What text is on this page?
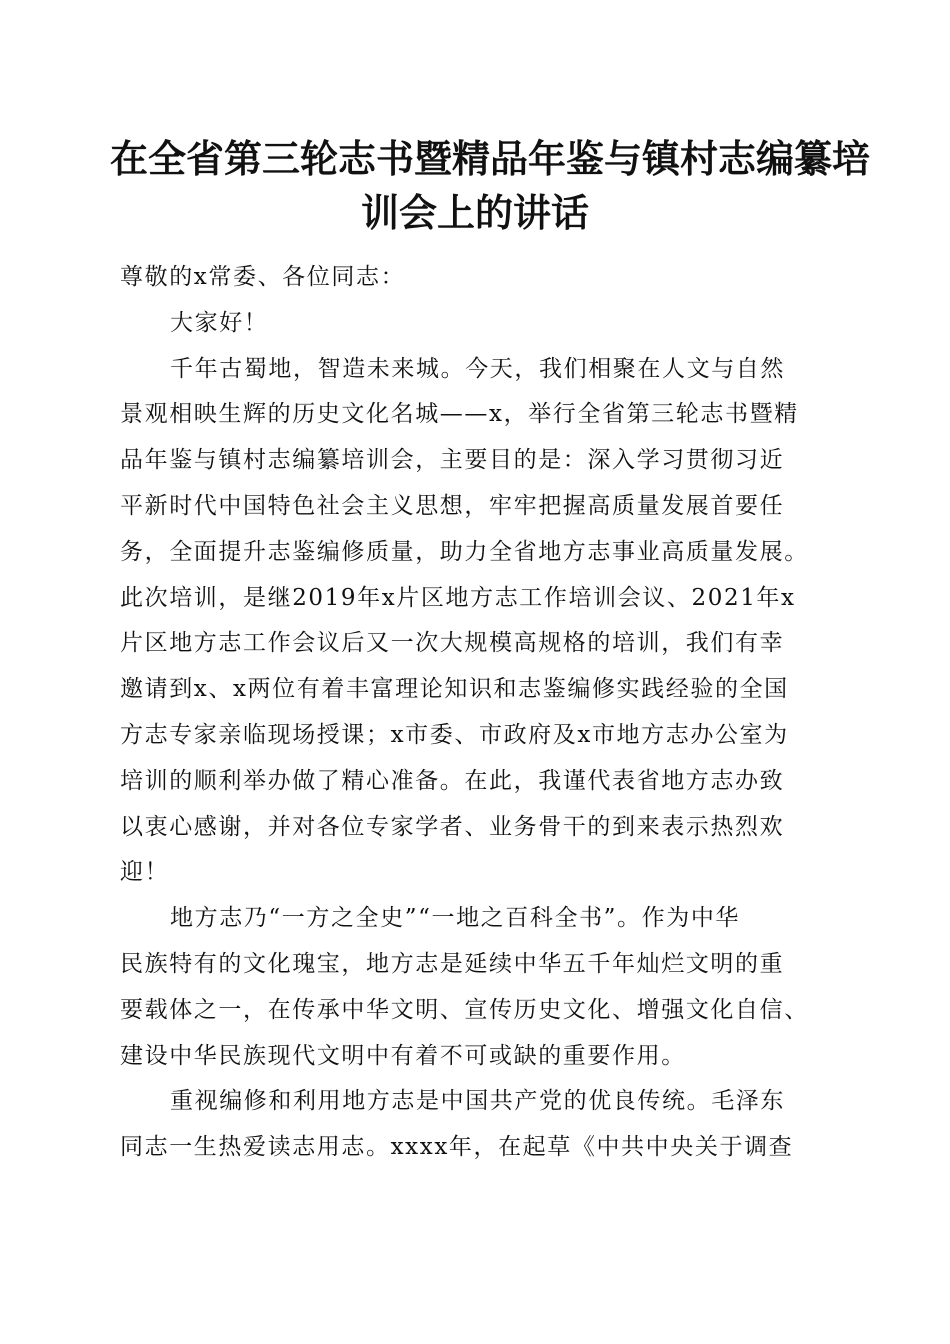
在全省第三轮志书暨精品年鉴与镇村志编纂培
训会上的讲话

尊敬的x常委、各位同志：

大家好！
千年古蜀地，智造未来城。今天，我们相聚在人文与自然
景观相映生辉的历史文化名城——x，举行全省第三轮志书暨精
品年鉴与镇村志编纂培训会，主要目的是：深入学习贯彻习近
平新时代中国特色社会主义思想，牢牢把握高质量发展首要任
务，全面提升志鉴编修质量，助力全省地方志事业高质量发展。
此次培训，是继2019年x片区地方志工作培训会议、2021年x
片区地方志工作会议后又一次大规模高规格的培训，我们有幸
邀请到x、x两位有着丰富理论知识和志鉴编修实践经验的全国
方志专家亲临现场授课；x市委、市政府及x市地方志办公室为
培训的顺利举办做了精心准备。在此，我谨代表省地方志办致
以衷心感谢，并对各位专家学者、业务骨干的到来表示热烈欢
迎！
地方志乃“一方之全史”“一地之百科全书”。作为中华
民族特有的文化瑰宝，地方志是延续中华五千年灿烂文明的重
要载体之一，在传承中华文明、宣传历史文化、增强文化自信、
建设中华民族现代文明中有着不可或缺的重要作用。
重视编修和利用地方志是中国共产党的优良传统。毛泽东
同志一生热爱读志用志。xxxx年，在起草《中共中央关于调查
